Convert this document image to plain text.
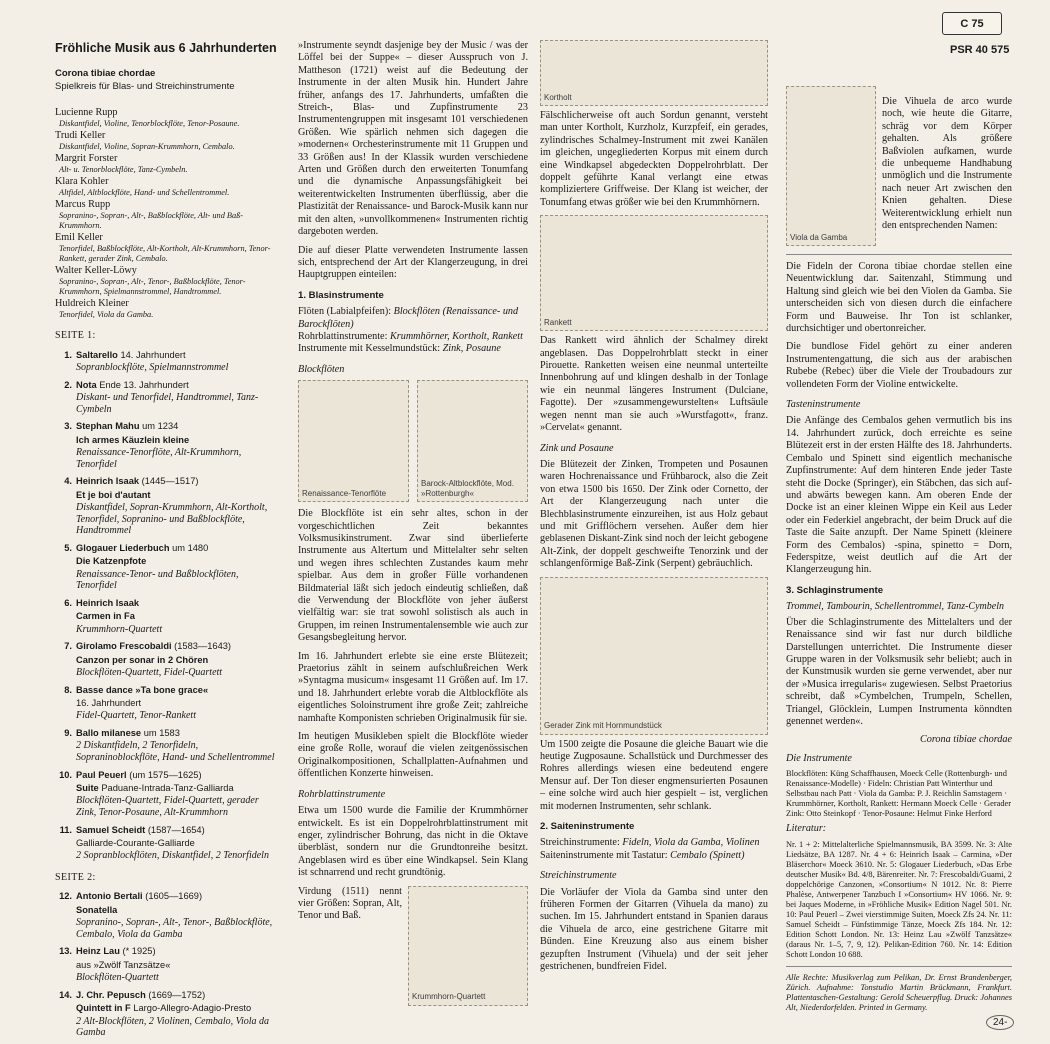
C 75
PSR 40 575
Fröhliche Musik aus 6 Jahrhunderten
Corona tibiae chordae
Spielkreis für Blas- und Streichinstrumente
Lucienne Rupp
Diskantfidel, Violine, Tenorblockflöte, Tenor-Posaune.
Trudi Keller
Diskantfidel, Violine, Sopran-Krummhorn, Cembalo.
Margrit Forster
Alt- u. Tenorblockflöte, Tanz-Cymbeln.
Klara Kohler
Altfidel, Altblockflöte, Hand- und Schellentrommel.
Marcus Rupp
Sopranino-, Sopran-, Alt-, Baßblockflöte, Alt- und Baß-Krummhorn.
Emil Keller
Tenorfidel, Baßblockflöte, Alt-Kortholt, Alt-Krummhorn, Tenor-Rankett, gerader Zink, Cembalo.
Walter Keller-Löwy
Sopranino-, Sopran-, Alt-, Tenor-, Baßblockflöte, Tenor-Krummhorn, Spielmannstrommel, Handtrommel.
Huldreich Kleiner
Tenorfidel, Viola da Gamba.
SEITE 1:
1. Saltarello 14. Jahrhundert
Sopranblockflöte, Spielmannstrommel
2. Nota Ende 13. Jahrhundert
Diskant- und Tenorfidel, Handtrommel, Tanz-Cymbeln
3. Stephan Mahu um 1234
Ich armes Käuzlein kleine
Renaissance-Tenorflöte, Alt-Krummhorn, Tenorfidel
4. Heinrich Isaak (1445—1517)
Et je boi d'autant
Diskantfidel, Sopran-Krummhorn, Alt-Kortholt, Tenorfidel, Sopranino- und Baßblockflöte, Handtrommel
5. Glogauer Liederbuch um 1480
Die Katzenpfote
Renaissance-Tenor- und Baßblockflöten, Tenorfidel
6. Heinrich Isaak
Carmen in Fa
Krummhorn-Quartett
7. Girolamo Frescobaldi (1583—1643)
Canzon per sonar in 2 Chören
Blockflöten-Quartett, Fidel-Quartett
8. Basse dance »Ta bone grace«
16. Jahrhundert
Fidel-Quartett, Tenor-Rankett
9. Ballo milanese um 1583
2 Diskantfideln, 2 Tenorfideln, Sopraninoblockflöte, Hand- und Schellentrommel
10. Paul Peuerl (um 1575—1625)
Suite Paduane-Intrada-Tanz-Galliarda
Blockflöten-Quartett, Fidel-Quartett, gerader Zink, Tenor-Posaune, Alt-Krummhorn
11. Samuel Scheidt (1587—1654)
Galliarde-Courante-Galliarde
2 Sopranblockflöten, Diskantfidel, 2 Tenorfideln
SEITE 2:
12. Antonio Bertali (1605—1669)
Sonatella
Sopranino-, Sopran-, Alt-, Tenor-, Baßblockflöte, Cembalo, Viola da Gamba
13. Heinz Lau (* 1925)
aus »Zwölf Tanzsätze«
Blockflöten-Quartett
14. J. Chr. Pepusch (1669—1752)
Quintett in F Largo-Allegro-Adagio-Presto
2 Alt-Blockflöten, 2 Violinen, Cembalo, Viola da Gamba

»Instrumente seyndt dasjenige bey der Music / was der Löffel bei der Suppe« – dieser Ausspruch von J. Mattheson (1721) weist auf die Bedeutung der Instrumente in der alten Musik hin. Hundert Jahre früher, anfangs des 17. Jahrhunderts, umfaßten die Streich-, Blas- und Zupfinstrumente 23 Instrumentengruppen mit insgesamt 101 verschiedenen Größen. Wie spärlich nehmen sich dagegen die »modernen« Orchesterinstrumente mit 11 Gruppen und 33 Größen aus! In der Klassik wurden verschiedene Arten und Größen durch den erweiterten Tonumfang und die dynamische Anpassungsfähigkeit bei weiterentwickelten Instrumenten überflüssig, aber die Plastizität der Renaissance- und Barock-Musik kann nur mit den alten, »unvollkommenen« Instrumenten richtig dargeboten werden.

Die auf dieser Platte verwendeten Instrumente lassen sich, entsprechend der Art der Klangerzeugung, in drei Hauptgruppen einteilen:

1. Blasinstrumente
Flöten (Labialpfeifen): Blockflöten (Renaissance- und Barockflöten)
Rohrblattinstrumente: Krummhörner, Kortholt, Rankett
Instrumente mit Kesselmundstück: Zink, Posaune
Blockflöten
Renaissance-Tenorflöte
Barock-Altblockflöte, Mod. »Rottenburgh«

Die Blockflöte ist ein sehr altes, schon in der vorgeschichtlichen Zeit bekanntes Volksmusikinstrument. Zwar sind überlieferte Instrumente aus Altertum und Mittelalter sehr selten und wegen ihres schlechten Zustandes kaum mehr spielbar. Aus dem in großer Fülle vorhandenen Bildmaterial läßt sich jedoch eindeutig schließen, daß die Verwendung der Blockflöte von jeher äußerst vielfältig war: sie trat sowohl solistisch als auch in Gruppen, im reinen Instrumentalensemble wie auch zur Gesangsbegleitung hervor.

Im 16. Jahrhundert erlebte sie eine erste Blütezeit; Praetorius zählt in seinem aufschlußreichen Werk »Syntagma musicum« insgesamt 11 Größen auf. Im 17. und 18. Jahrhundert erlebte vorab die Altblockflöte als eigentliches Soloinstrument ihre große Zeit; zahlreiche namhafte Komponisten schrieben Originalmusik für sie.

Im heutigen Musikleben spielt die Blockflöte wieder eine große Rolle, worauf die vielen zeitgenössischen Originalkompositionen, Schallplatten-Aufnahmen und öffentlichen Konzerte hinweisen.

Rohrblattinstrumente

Etwa um 1500 wurde die Familie der Krummhörner entwickelt. Es ist ein Doppelrohrblattinstrument mit enger, zylindrischer Bohrung, das nicht in die Oktave überbläst, sondern nur die Grundtonreihe besitzt. Angeblasen wird es über eine Windkapsel. Sein Klang ist schnarrend und recht grundtönig.

Virdung (1511) nennt vier Größen: Sopran, Alt, Tenor und Baß.

Krummhorn-Quartett
Kortholt

Fälschlicherweise oft auch Sordun genannt, versteht man unter Kortholt, Kurzholz, Kurzpfeif, ein gerades, zylindrisches Schalmey-Instrument mit zwei Kanälen im gleichen, ungegliederten Korpus mit einem durch eine Windkapsel abgedeckten Doppelrohrblatt. Der doppelt geführte Kanal verlangt eine etwas kompliziertere Griffweise. Der Klang ist weicher, der Tonumfang etwas größer wie bei den Krummhörnern.

Rankett

Das Rankett wird ähnlich der Schalmey direkt angeblasen. Das Doppelrohrblatt steckt in einer Pirouette. Ranketten weisen eine neunmal unterteilte Innenbohrung auf und klingen deshalb in der Tonlage wie ein neunmal längeres Instrument (Dulciane, Fagotte). Der »zusammengewurstelten« Luftsäule wegen nennt man sie auch »Wurstfagott«, franz. »Cervelat« genannt.

Zink und Posaune

Die Blütezeit der Zinken, Trompeten und Posaunen waren Hochrenaissance und Frühbarock, also die Zeit von etwa 1500 bis 1650. Der Zink oder Cornetto, der Art der Klangerzeugung nach unter die Blechblasinstrumente einzureihen, ist aus Holz gebaut und mit Grifflöchern versehen. Außer dem hier geblasenen Diskant-Zink sind noch der leicht gebogene Alt-Zink, der doppelt geschweifte Tenorzink und der schlangenförmige Baß-Zink (Serpent) gebräuchlich.

Gerader Zink mit Hornmundstück

Um 1500 zeigte die Posaune die gleiche Bauart wie die heutige Zugposaune. Schallstück und Durchmesser des Rohres allerdings wiesen eine bedeutend engere Mensur auf. Der Ton dieser engmensurierten Posaunen – eine solche wird auch hier gespielt – ist, verglichen mit modernen Instrumenten, sehr schlank.

2. Saiteninstrumente
Streichinstrumente: Fideln, Viola da Gamba, Violinen
Saiteninstrumente mit Tastatur: Cembalo (Spinett)
Streichinstrumente

Die Vorläufer der Viola da Gamba sind unter den früheren Formen der Gitarren (Vihuela da mano) zu suchen. Im 15. Jahrhundert entstand in Spanien daraus die Vihuela de arco, eine gestrichene Gitarre mit Bünden. Eine Kreuzung also aus einem bisher gezupften Instrument (Vihuela) und der seit jeher gestrichenen, bundfreien Fidel.

Viola da Gamba

Die Vihuela de arco wurde noch, wie heute die Gitarre, schräg vor dem Körper gehalten. Als größere Baßviolen aufkamen, wurde die unbequeme Handhabung unmöglich und die Instrumente nach neuer Art zwischen den Knien gehalten. Diese Weiterentwicklung erhielt nun den entsprechenden Namen:

Die Fideln der Corona tibiae chordae stellen eine Neuentwicklung dar. Saitenzahl, Stimmung und Haltung sind gleich wie bei den Violen da Gamba. Sie unterscheiden sich von diesen durch die einfachere Form und Bauweise. Ihr Ton ist schlanker, durchsichtiger und obertonreicher.

Die bundlose Fidel gehört zu einer anderen Instrumentengattung, die sich aus der arabischen Rubebe (Rebec) über die Viele der Troubadours zur vollendeten Form der Violine entwickelte.

Tasteninstrumente

Die Anfänge des Cembalos gehen vermutlich bis ins 14. Jahrhundert zurück, doch erreichte es seine Blütezeit erst in der ersten Hälfte des 18. Jahrhunderts. Cembalo und Spinett sind eigentlich mechanische Zupfinstrumente: Auf dem hinteren Ende jeder Taste steht die Docke (Springer), ein Stäbchen, das sich auf- und abwärts bewegen kann. Am oberen Ende der Docke ist an einer kleinen Wippe ein Keil aus Leder oder ein Federkiel angebracht, der beim Druck auf die Taste die Saite anzupft. Der Name Spinett (kleinere Form des Cembalos) -spina, spinetto = Dorn, Federspitze, weist deutlich auf die Art der Klangerzeugung hin.

3. Schlaginstrumente
Trommel, Tambourin, Schellentrommel, Tanz-Cymbeln

Über die Schlaginstrumente des Mittelalters und der Renaissance sind wir fast nur durch bildliche Darstellungen unterrichtet. Die Instrumente dieser Gruppe waren in der Volksmusik sehr beliebt; auch in der Kunstmusik wurden sie gerne verwendet, aber nur der »Musica irregularis« zugewiesen. Selbst Praetorius schreibt, daß »Cymbelchen, Trumpeln, Schellen, Triangel, Glöcklein, Lumpen Instrumenta könndten genennet werden«.

Corona tibiae chordae
Die Instrumente
Blockflöten: Küng Schaffhausen, Moeck Celle (Rottenburgh- und Renaissance-Modelle) · Fideln: Christian Patt Winterthur und Selbstbau nach Patt · Viola da Gamba: P. J. Reichlin Samstagern · Krummhörner, Kortholt, Rankett: Hermann Moeck Celle · Gerader Zink: Otto Steinkopf · Tenor-Posaune: Helmut Finke Herford
Literatur:
Nr. 1 + 2: Mittelalterliche Spielmannsmusik, BA 3599. Nr. 3: Alte Liedsätze, BA 1287. Nr. 4 + 6: Heinrich Isaak – Carmina, »Der Bläserchor« Moeck 3610. Nr. 5: Glogauer Liederbuch, »Das Erbe deutscher Musik« Bd. 4/8, Bärenreiter. Nr. 7: Frescobaldi/Guami, 2 doppelchörige Canzonen, »Consortium« N 1012. Nr. 8: Pierre Phalèse, Antwerpener Tanzbuch I »Consortium« HV 1066. Nr. 9: bei Jaques Moderne, in »Fröhliche Musik« Edition Nagel 501. Nr. 10: Paul Peuerl – Zwei vierstimmige Suiten, Moeck Zfs 24. Nr. 11: Samuel Scheidt – Fünfstimmige Tänze, Moeck Zfs 184. Nr. 12: Edition Schott London. Nr. 13: Heinz Lau »Zwölf Tanzsätze« (daraus Nr. 1–5, 7, 9, 12). Pelikan-Edition 760. Nr. 14: Edition Schott London 10 688.
Alle Rechte: Musikverlag zum Pelikan, Dr. Ernst Brandenberger, Zürich. Aufnahme: Tonstudio Martin Brückmann, Frankfurt. Plattentaschen-Gestaltung: Gerold Scheuerpflug. Druck: Johannes Alt, Niederdorfelden. Printed in Germany.
24-
